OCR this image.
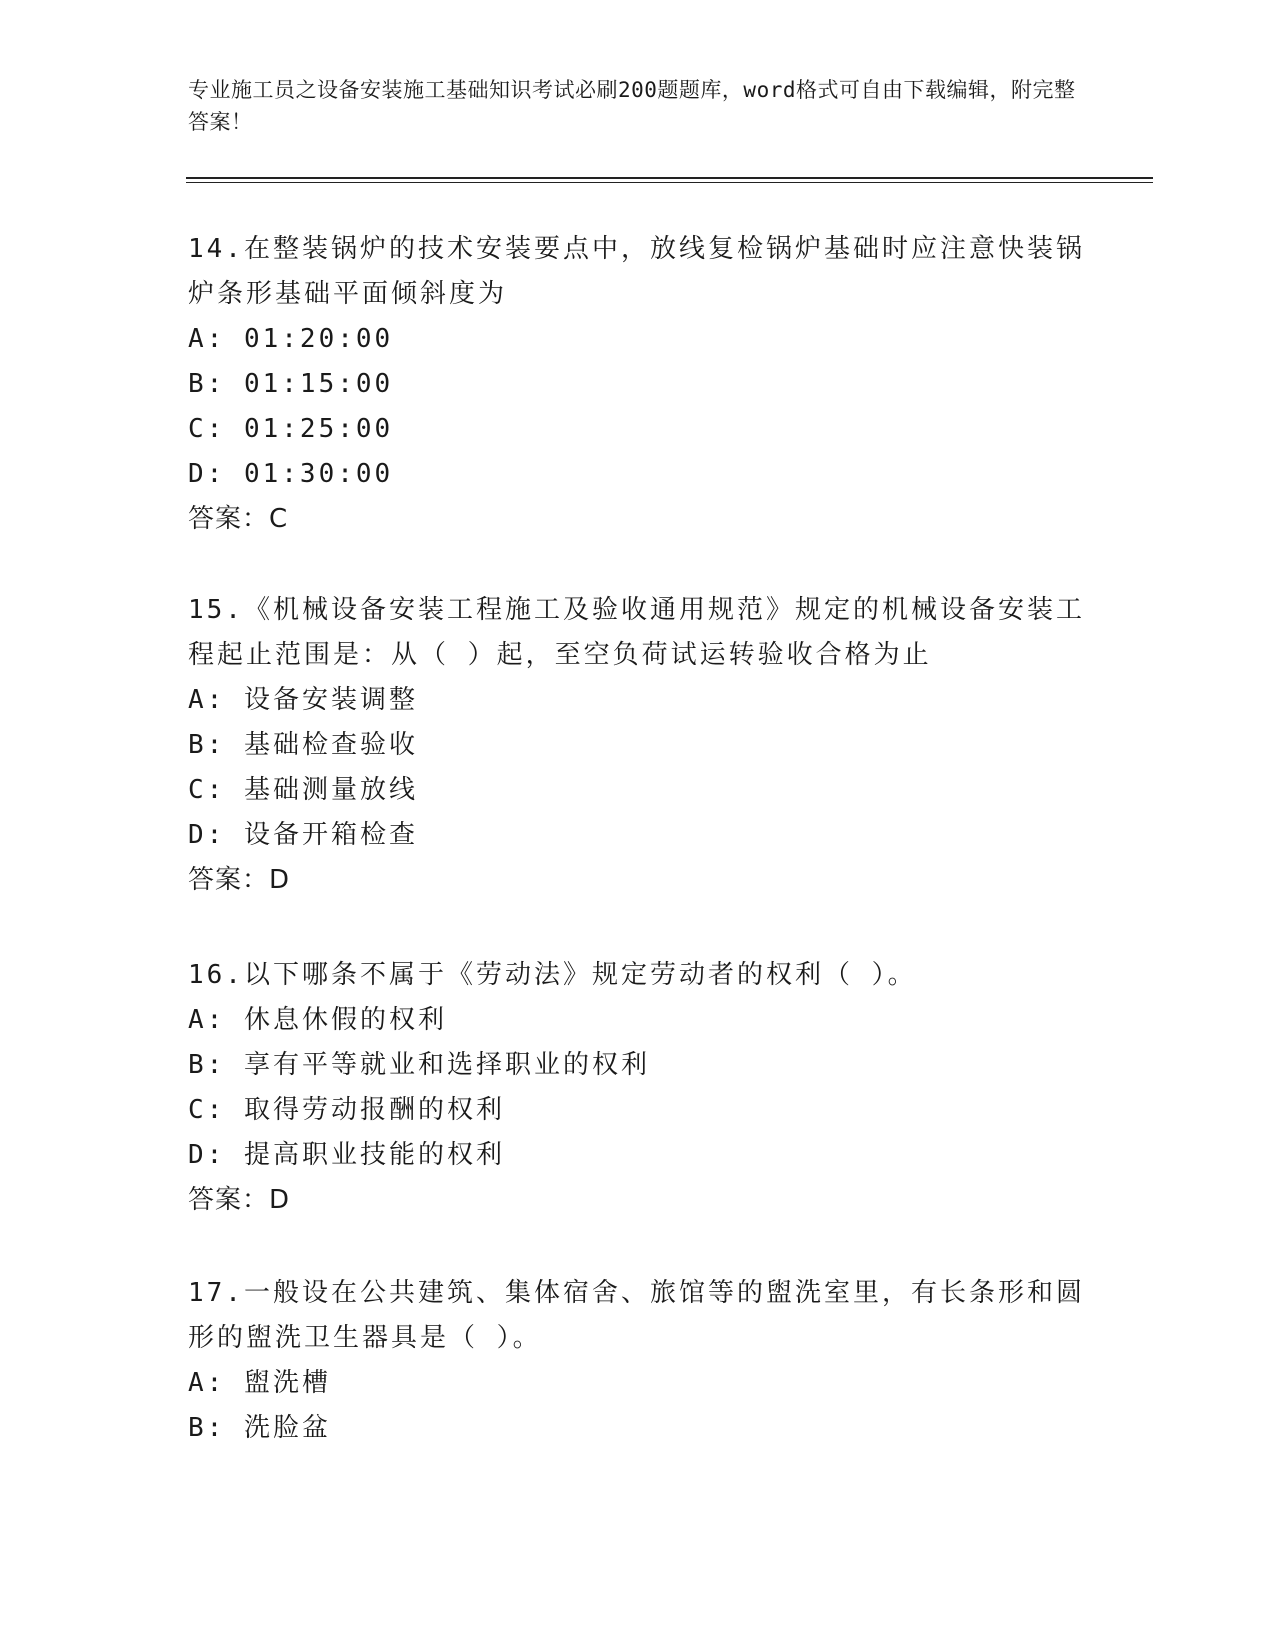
专业施工员之设备安装施工基础知识考试必刷200题题库，word格式可自由下载编辑，附完整答案！
14.在整装锅炉的技术安装要点中，放线复检锅炉基础时应注意快装锅炉条形基础平面倾斜度为
A: 01:20:00
B: 01:15:00
C: 01:25:00
D: 01:30:00
答案：C
15.《机械设备安装工程施工及验收通用规范》规定的机械设备安装工程起止范围是：从（ ）起，至空负荷试运转验收合格为止
A: 设备安装调整
B: 基础检查验收
C: 基础测量放线
D: 设备开箱检查
答案：D
16.以下哪条不属于《劳动法》规定劳动者的权利（ ）。
A: 休息休假的权利
B: 享有平等就业和选择职业的权利
C: 取得劳动报酬的权利
D: 提高职业技能的权利
答案：D
17.一般设在公共建筑、集体宿舍、旅馆等的盥洗室里，有长条形和圆形的盥洗卫生器具是（ ）。
A: 盥洗槽
B: 洗脸盆
